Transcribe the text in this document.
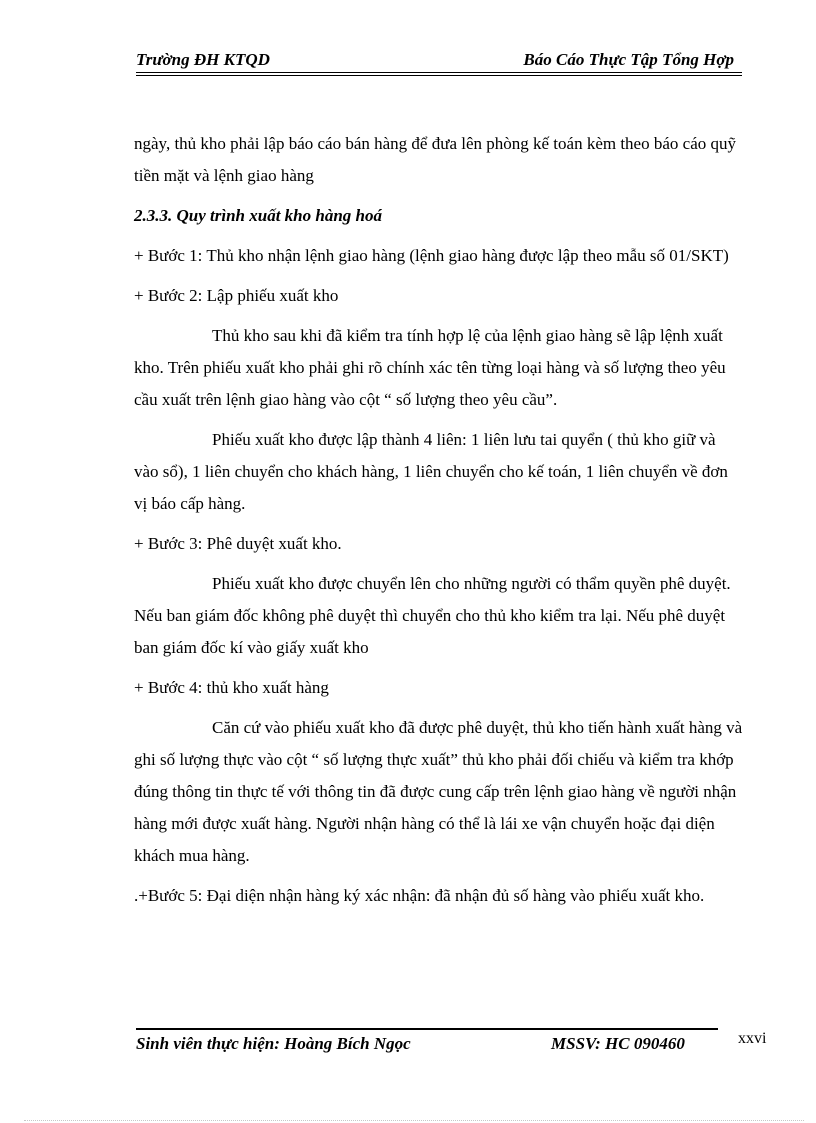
Trường ĐH KTQD	Báo Cáo Thực Tập Tổng Hợp

ngày, thủ kho phải lập báo cáo bán hàng để đưa lên phòng kế toán kèm theo báo cáo quỹ tiền mặt và lệnh giao hàng

2.3.3. Quy trình xuất kho hàng hoá

+ Bước 1: Thủ kho nhận lệnh giao hàng (lệnh giao hàng được lập theo mẫu số 01/SKT)

+ Bước 2: Lập phiếu xuất kho

Thủ kho sau khi đã kiểm tra tính hợp lệ của lệnh giao hàng sẽ lập lệnh xuất kho. Trên phiếu xuất kho phải ghi rõ chính xác tên từng loại hàng và số lượng theo yêu cầu xuất trên lệnh giao hàng vào cột “ số lượng theo yêu cầu”.

Phiếu xuất kho được lập thành 4 liên: 1 liên lưu tai quyển ( thủ kho giữ và vào sổ), 1 liên chuyển cho khách hàng, 1 liên chuyển cho kế toán, 1 liên chuyển về đơn vị báo cấp hàng.

+ Bước 3: Phê duyệt xuất kho.

Phiếu xuất kho được chuyển lên cho những người có thẩm quyền phê duyệt. Nếu ban giám đốc không phê duyệt thì chuyển cho thủ kho kiểm tra lại. Nếu phê duyệt ban giám đốc kí vào giấy xuất kho

+ Bước 4: thủ kho xuất hàng

Căn cứ vào phiếu xuất kho đã được phê duyệt, thủ kho tiến hành xuất hàng và ghi số lượng thực vào cột “ số lượng thực xuất” thủ kho phải đối chiếu và kiểm tra khớp đúng thông tin thực tế với thông tin đã được cung cấp trên lệnh giao hàng về người nhận hàng mới được xuất hàng. Người nhận hàng có thể là lái xe vận chuyển hoặc đại diện khách mua hàng.

.+Bước 5: Đại diện nhận hàng ký xác nhận: đã nhận đủ số hàng vào phiếu xuất kho.

Sinh viên thực hiện: Hoàng Bích Ngọc	MSSV: HC 090460	xxvi
